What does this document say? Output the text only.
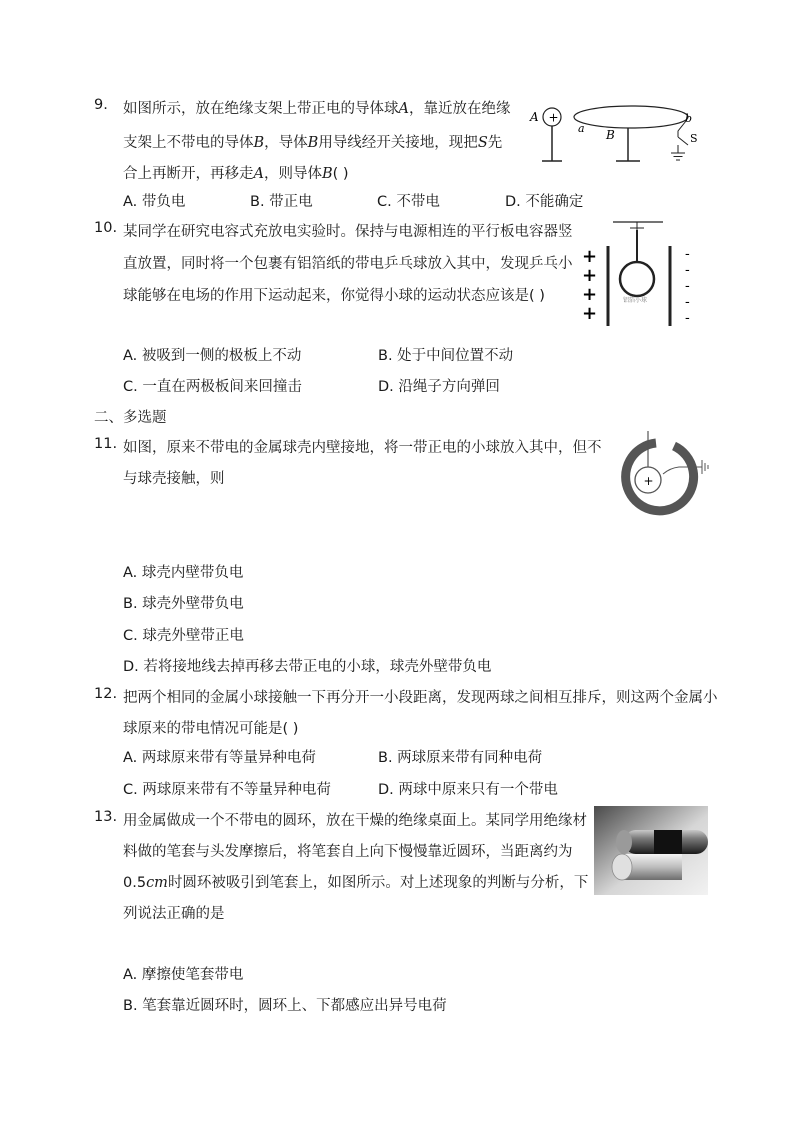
9. 如图所示，放在绝缘支架上带正电的导体球A，靠近放在绝缘
支架上不带电的导体B，导体B用导线经开关接地，现把S先
合上再断开，再移走A，则导体B( )
A. 带负电	B. 带正电	C. 不带电	D. 不能确定
A +
a B
b
S
10. 某同学在研究电容式充放电实验时。保持与电源相连的平行板电容器竖
直放置，同时将一个包裹有铝箔纸的带电乒乓球放入其中，发现乒乓小
球能够在电场的作用下运动起来，你觉得小球的运动状态应该是( )
A. 被吸到一侧的极板上不动	B. 处于中间位置不动
C. 一直在两极板间来回撞击	D. 沿绳子方向弹回
铝箔小球
+
+
+
+
-
-
-
-
-
二、多选题
11. 如图，原来不带电的金属球壳内壁接地，将一带正电的小球放入其中，但不
与球壳接触，则
A. 球壳内壁带负电
B. 球壳外壁带负电
C. 球壳外壁带正电
D. 若将接地线去掉再移去带正电的小球，球壳外壁带负电
+
12. 把两个相同的金属小球接触一下再分开一小段距离，发现两球之间相互排斥，则这两个金属小
球原来的带电情况可能是( )
A. 两球原来带有等量异种电荷	B. 两球原来带有同种电荷
C. 两球原来带有不等量异种电荷	D. 两球中原来只有一个带电
13. 用金属做成一个不带电的圆环，放在干燥的绝缘桌面上。某同学用绝缘材
料做的笔套与头发摩擦后，将笔套自上向下慢慢靠近圆环，当距离约为
0.5cm时圆环被吸引到笔套上，如图所示。对上述现象的判断与分析，下
列说法正确的是
A. 摩擦使笔套带电
B. 笔套靠近圆环时，圆环上、下都感应出异号电荷
